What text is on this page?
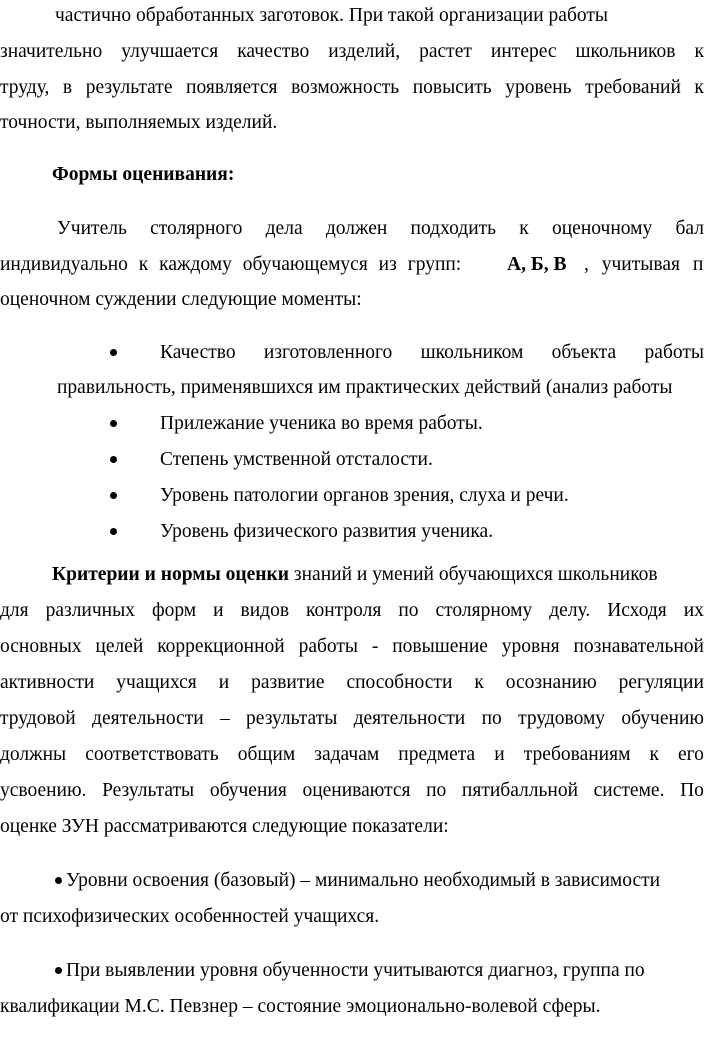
частично обработанных заготовок. При такой организации работы
значительно улучшается качество изделий, растет интерес школьников к
труду, в результате появляется возможность повысить уровень требований к
точности, выполняемых изделий.
Формы оценивания:
Учитель столярного дела должен подходить к оценочному бал
индивидуально к каждому обучающемуся из групп: А, Б, В , учитывая п
оценочном суждении следующие моменты:
Качество изготовленного школьником объекта работы
правильность, применявшихся им практических действий (анализ работы
Прилежание ученика во время работы.
Степень умственной отсталости.
Уровень патологии органов зрения, слуха и речи.
Уровень физического развития ученика.
Критерии и нормы оценки знаний и умений обучающихся школьников
для различных форм и видов контроля по столярному делу. Исходя их
основных целей коррекционной работы - повышение уровня познавательной
активности учащихся и развитие способности к осознанию регуляции
трудовой деятельности – результаты деятельности по трудовому обучению
должны соответствовать общим задачам предмета и требованиям к его
усвоению. Результаты обучения оцениваются по пятибалльной системе. По
оценке ЗУН рассматриваются следующие показатели:
Уровни освоения (базовый) – минимально необходимый в зависимости
от психофизических особенностей учащихся.
При выявлении уровня обученности учитываются диагноз, группа по
квалификации М.С. Певзнер – состояние эмоционально-волевой сферы.
